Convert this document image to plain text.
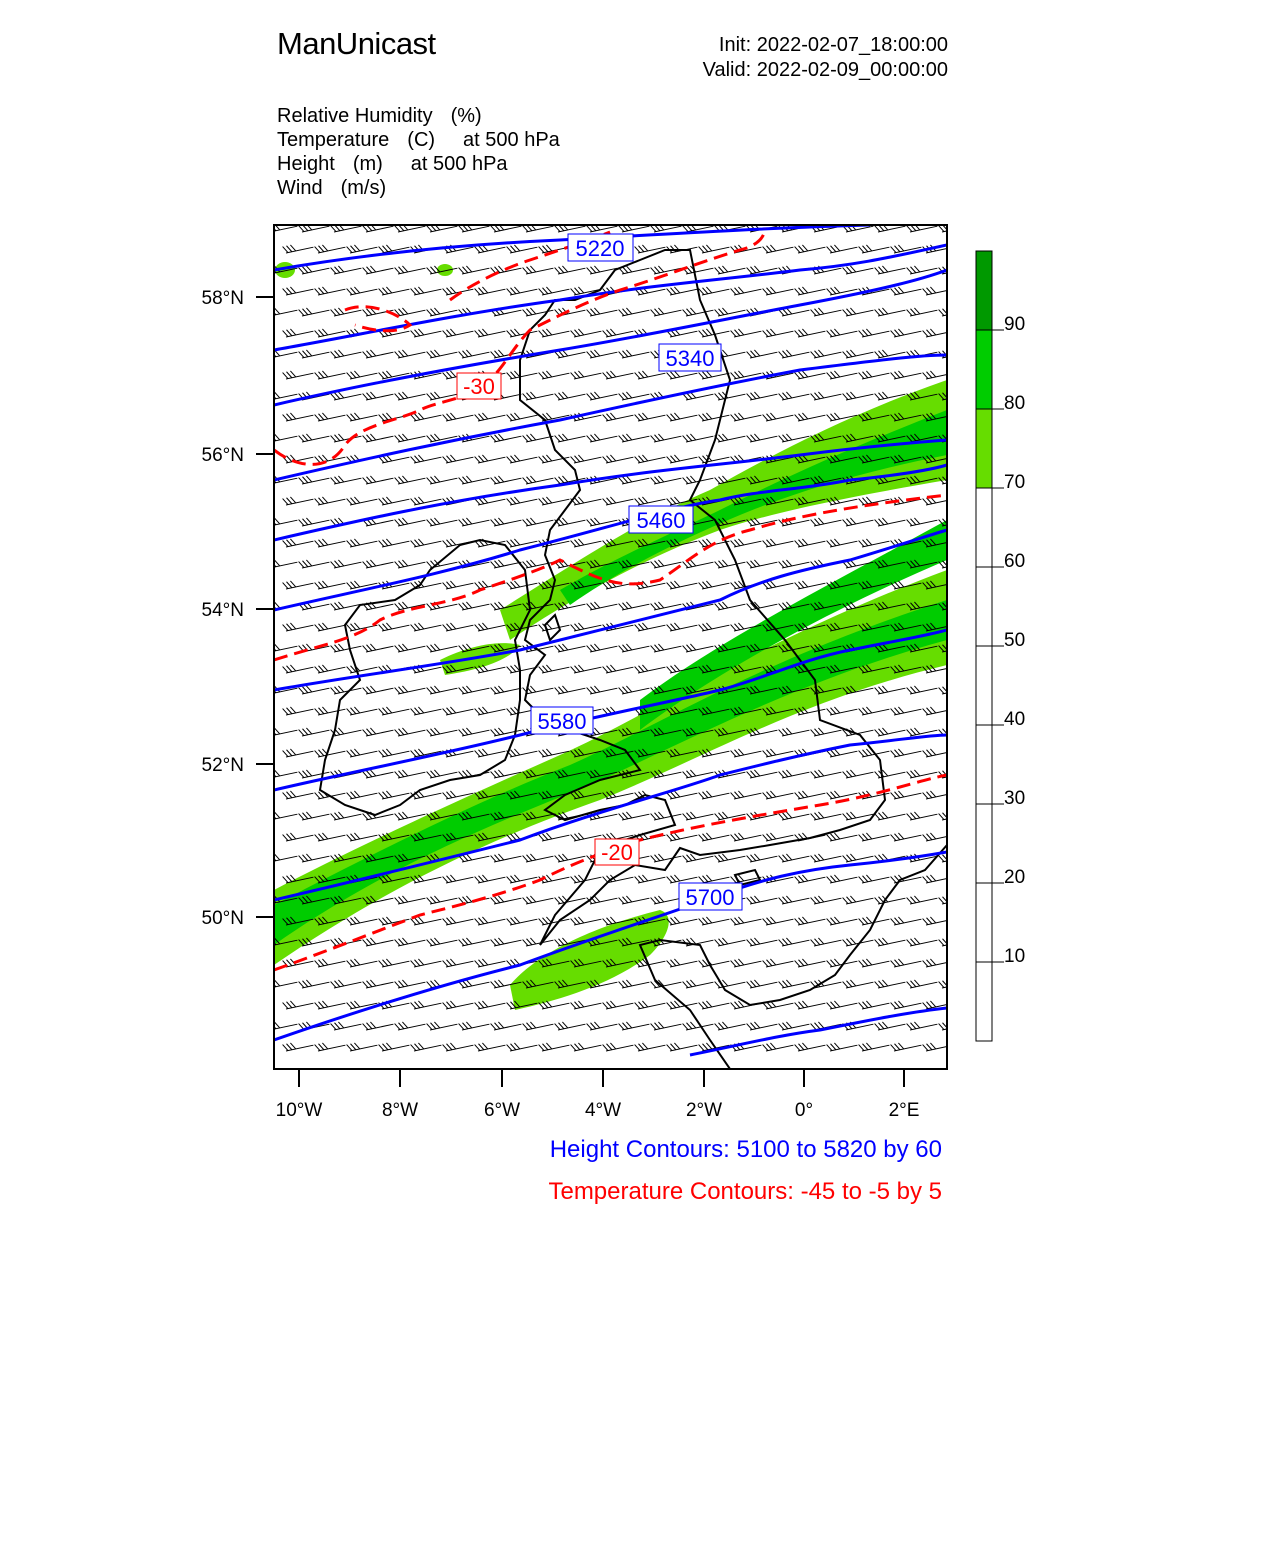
ManUnicast	Init: 2022-02-07_18:00:00
Valid: 2022-02-09_00:00:00
Relative Humidity (%)
Temperature (C) at 500 hPa
Height (m) at 500 hPa
Wind (m/s)
5220
5340
5460
5580
5700
-30
-20
58°N
56°N
54°N
52°N
50°N
10°W	8°W	6°W	4°W	2°W	0°	2°E
90
80
70
60
50
40
30
20
10
Height Contours: 5100 to 5820 by 60
Temperature Contours: -45 to -5 by 5
